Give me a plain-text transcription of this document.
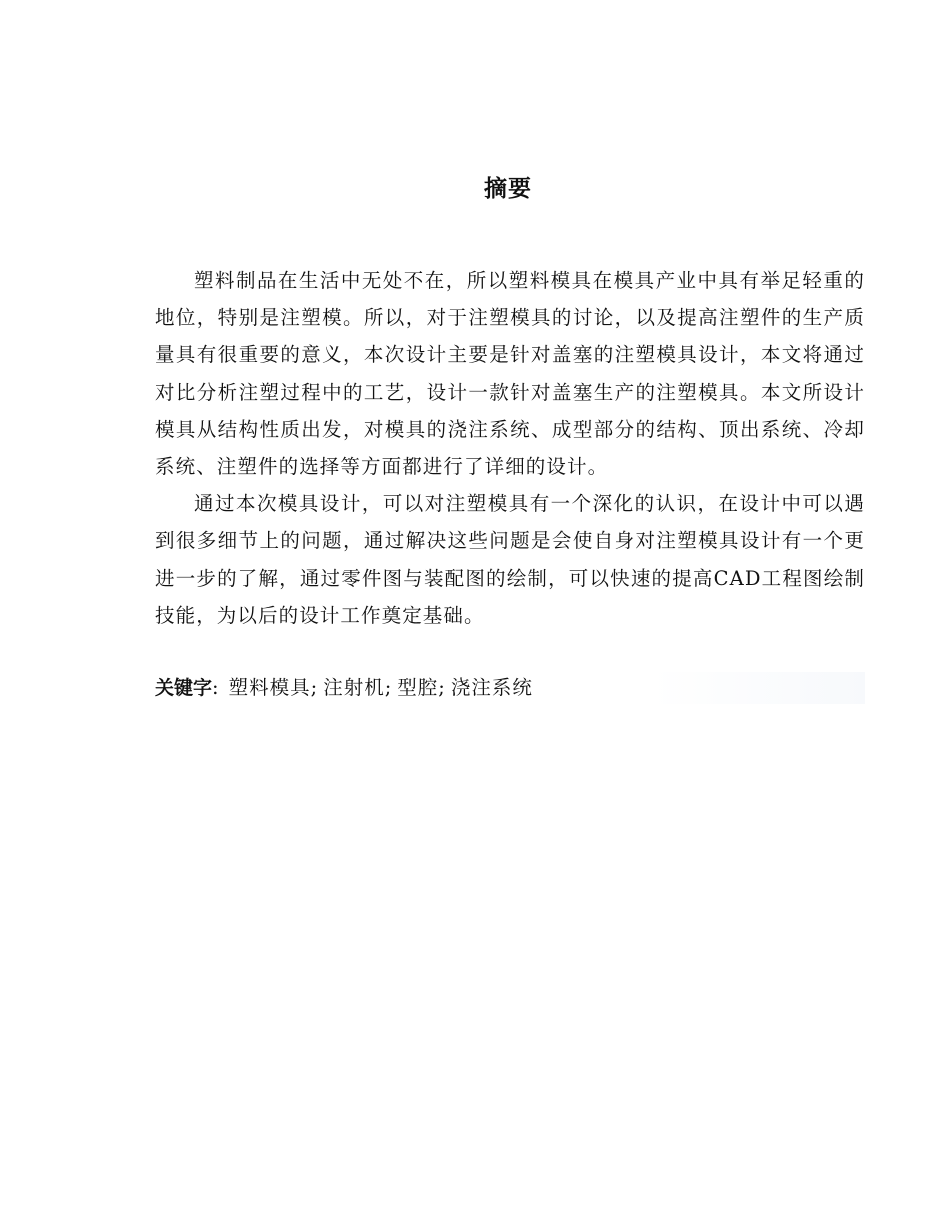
摘要

塑料制品在生活中无处不在，所以塑料模具在模具产业中具有举足轻重的地位，特别是注塑模。所以，对于注塑模具的讨论，以及提高注塑件的生产质量具有很重要的意义，本次设计主要是针对盖塞的注塑模具设计，本文将通过对比分析注塑过程中的工艺，设计一款针对盖塞生产的注塑模具。本文所设计模具从结构性质出发，对模具的浇注系统、成型部分的结构、顶出系统、冷却系统、注塑件的选择等方面都进行了详细的设计。

通过本次模具设计，可以对注塑模具有一个深化的认识，在设计中可以遇到很多细节上的问题，通过解决这些问题是会使自身对注塑模具设计有一个更进一步的了解，通过零件图与装配图的绘制，可以快速的提高CAD工程图绘制技能，为以后的设计工作奠定基础。

关键字: 塑料模具; 注射机; 型腔; 浇注系统
